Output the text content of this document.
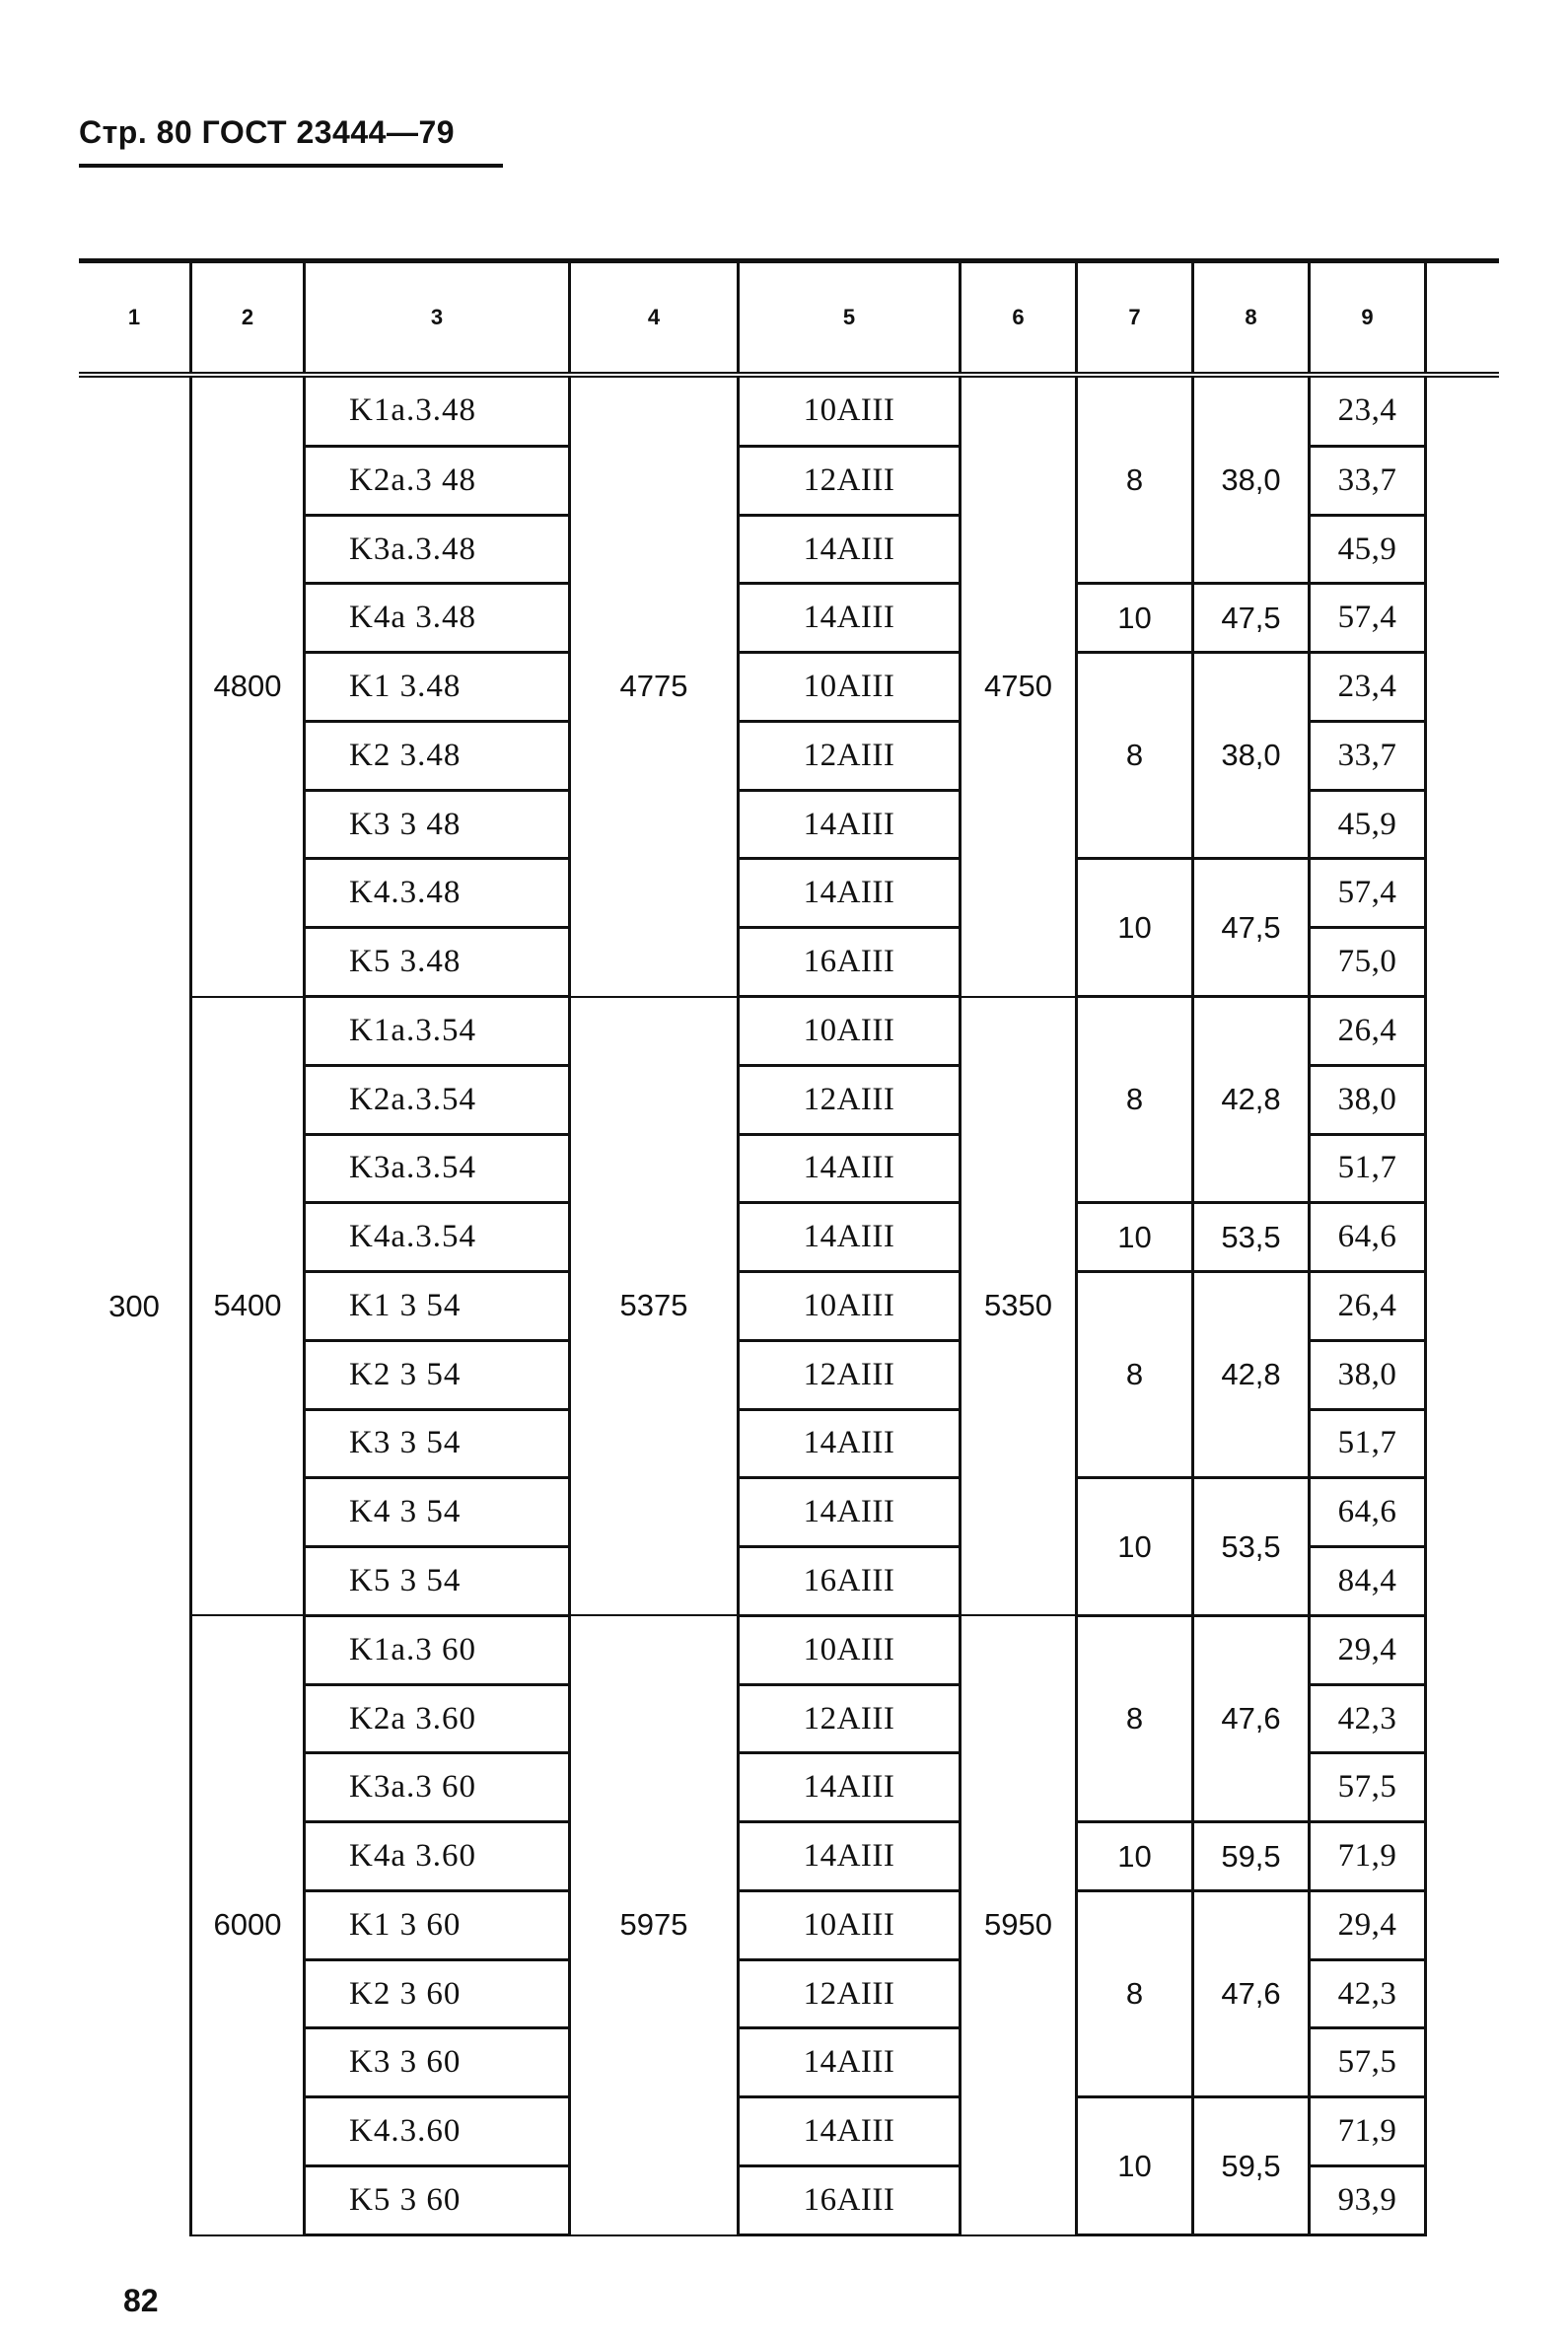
Стр. 80 ГОСТ 23444—79
1	2	3	4	5	6	7	8	9	
300	4800	K1a.3.48	4775	10AIII	4750	8	38,0	23,4	
		K2a.3 48		12AIII				33,7	
		K3a.3.48		14AIII				45,9	
		K4a 3.48		14AIII		10	47,5	57,4	
		K1 3.48		10AIII		8	38,0	23,4	
		K2 3.48		12AIII				33,7	
		K3 3 48		14AIII				45,9	
		K4.3.48		14AIII		10	47,5	57,4	
		K5 3.48		16AIII				75,0	
	5400	K1a.3.54	5375	10AIII	5350	8	42,8	26,4	
		K2a.3.54		12AIII				38,0	
		K3a.3.54		14AIII				51,7	
		K4a.3.54		14AIII		10	53,5	64,6	
		K1 3 54		10AIII		8	42,8	26,4	
		K2 3 54		12AIII				38,0	
		K3 3 54		14AIII				51,7	
		K4 3 54		14AIII		10	53,5	64,6	
		K5 3 54		16AIII				84,4	
	6000	K1a.3 60	5975	10AIII	5950	8	47,6	29,4	
		K2a 3.60		12AIII				42,3	
		K3a.3 60		14AIII				57,5	
		K4a 3.60		14AIII		10	59,5	71,9	
		K1 3 60		10AIII		8	47,6	29,4	
		K2 3 60		12AIII				42,3	
		K3 3 60		14AIII				57,5	
		K4.3.60		14AIII		10	59,5	71,9	
		K5 3 60		16AIII				93,9	
82
